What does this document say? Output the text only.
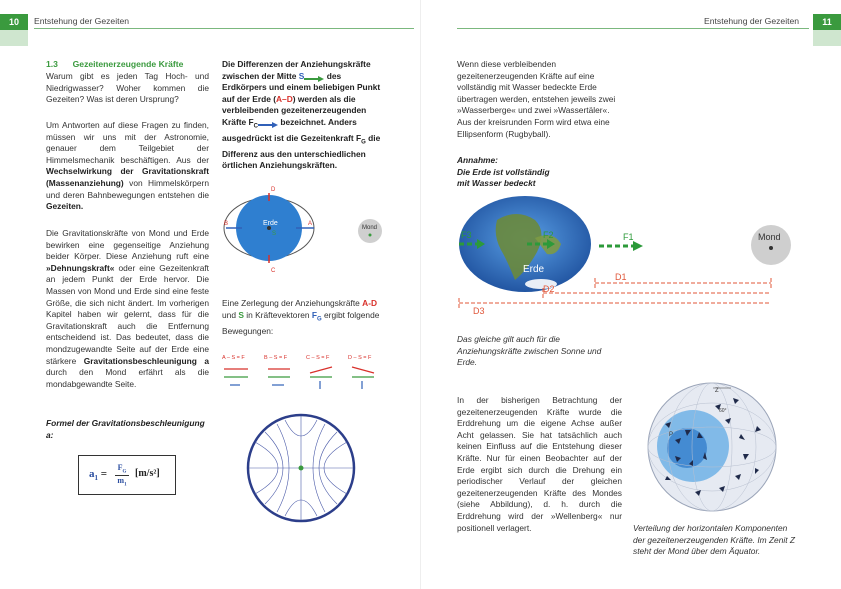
10	Entstehung der Gezeiten
1.3 Gezeitenerzeugende Kräfte

Warum gibt es jeden Tag Hoch- und Niedrigwasser? Woher kommen die Gezeiten? Was ist deren Ursprung?

Um Antworten auf diese Fragen zu finden, müssen wir uns mit der Astronomie, genauer dem Teilgebiet der Himmelsmechanik beschäftigen. Aus der Wechselwirkung der Gravitationskraft (Massenanziehung) von Himmelskörpern und deren Bahnbewegungen entstehen die Gezeiten.
Die Gravitationskräfte von Mond und Erde bewirken eine gegenseitige Anziehung beider Körper. Diese Anziehung ruft eine »Dehnungskraft« oder eine Gezeitenkraft an jedem Punkt der Erde hervor. Die Massen von Mond und Erde sind eine feste Größe, die sich nicht ändert. Im vorherigen Kapitel haben wir gelernt, dass für die Gravitationskraft auch die Entfernung entscheidend ist. Das bedeutet, dass die mondzugewandte Seite auf der Erde eine stärkere Gravitationsbeschleunigung a durch den Mond erfährt als die mondabgewandte Seite.
Formel der Gravitationsbeschleunigung a:
$a_1$ =
$F_G$
$m_1$
[m/s²]
Die Differenzen der Anziehungskräfte zwischen der Mitte S	des Erdkörpers und einem beliebigen Punkt auf der Erde (A–D) werden als die verbleibenden gezeitenerzeugenden Kräfte $F_C$	bezeichnet. Anders ausgedrückt ist die Gezeitenkraft $F_G$ die Differenz aus den unterschiedlichen örtlichen Anziehungskräften.
Erde
D
C
B	A
S
Mond
Eine Zerlegung der Anziehungskräfte A-D und S in Kräftevektoren $F_G$ ergibt folgende Bewegungen:
A – S = F	B – S = F	C – S = F	D – S = F
11
Entstehung der Gezeiten

Wenn diese verbleibenden gezeitenerzeugenden Kräfte auf eine vollständig mit Wasser bedeckte Erde übertragen werden, entstehen jeweils zwei »Wasserberge« und zwei »Wassertäler«. Aus der kreisrunden Form wird etwa eine Ellipsenform (Rugbyball).

Annahme:
Die Erde ist vollständig
mit Wasser bedeckt
F3	F2	F1
Erde
Mond
D1
D2
D3
Das gleiche gilt auch für die Anziehungskräfte zwischen Sonne und Erde.

In der bisherigen Betrachtung der gezeitenerzeugenden Kräfte wurde die Erddrehung um die eigene Achse außer Acht gelassen. Sie hat tatsächlich auch keinen Einfluss auf die Entstehung dieser Kräfte. Nur für einen Beobachter auf der Erde ergibt sich durch die Drehung ein periodischer Verlauf der gleichen gezeitenerzeugenden Kräfte des Mondes (siehe Abbildung), d. h. durch die Erddrehung wird der »Wellenberg« nur positionell verlagert.

Z
P
60°
Verteilung der horizontalen Komponenten der gezeitenerzeugenden Kräfte. Im Zenit Z steht der Mond über dem Äquator.
